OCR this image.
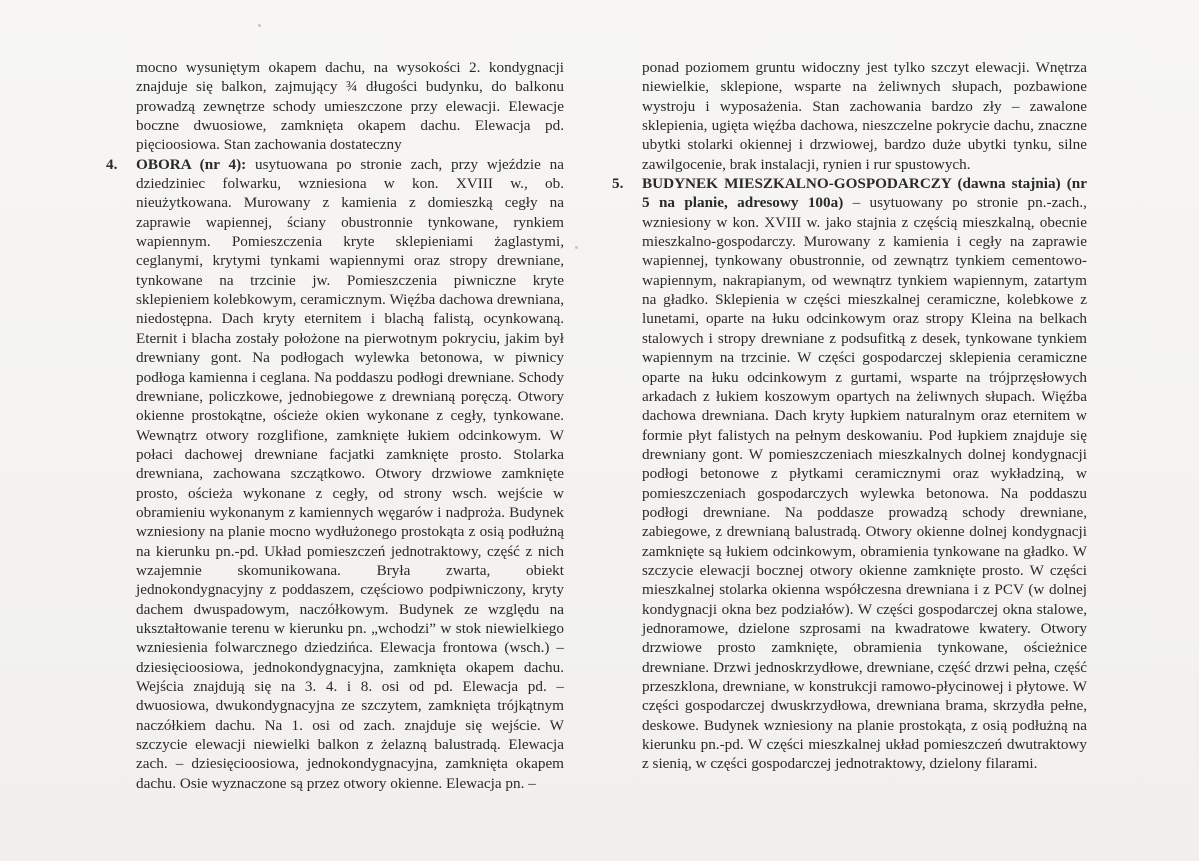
mocno wysuniętym okapem dachu, na wysokości 2. kondygnacji znajduje się balkon, zajmujący ¾ długości budynku, do balkonu prowadzą zewnętrze schody umieszczone przy elewacji. Elewacje boczne dwuosiowe, zamknięta okapem dachu. Elewacja pd. pięcioosiowa. Stan zachowania dostateczny

4. OBORA (nr 4): usytuowana po stronie zach, przy wjeździe na dziedziniec folwarku, wzniesiona w kon. XVIII w., ob. nieużytkowana. Murowany z kamienia z domieszką cegły na zaprawie wapiennej, ściany obustronnie tynkowane, rynkiem wapiennym. Pomieszczenia kryte sklepieniami żaglastymi, ceglanymi, krytymi tynkami wapiennymi oraz stropy drewniane, tynkowane na trzcinie jw. Pomieszczenia piwniczne kryte sklepieniem kolebkowym, ceramicznym. Więźba dachowa drewniana, niedostępna. Dach kryty eternitem i blachą falistą, ocynkowaną. Eternit i blacha zostały położone na pierwotnym pokryciu, jakim był drewniany gont. Na podłogach wylewka betonowa, w piwnicy podłoga kamienna i ceglana. Na poddaszu podłogi drewniane. Schody drewniane, policzkowe, jednobiegowe z drewnianą poręczą. Otwory okienne prostokątne, ościeże okien wykonane z cegły, tynkowane. Wewnątrz otwory rozglifione, zamknięte łukiem odcinkowym. W połaci dachowej drewniane facjatki zamknięte prosto. Stolarka drewniana, zachowana szczątkowo. Otwory drzwiowe zamknięte prosto, ościeża wykonane z cegły, od strony wsch. wejście w obramieniu wykonanym z kamiennych węgarów i nadproża. Budynek wzniesiony na planie mocno wydłużonego prostokąta z osią podłużną na kierunku pn.-pd. Układ pomieszczeń jednotraktowy, część z nich wzajemnie skomunikowana. Bryła zwarta, obiekt jednokondygnacyjny z poddaszem, częściowo podpiwniczony, kryty dachem dwuspadowym, naczółkowym. Budynek ze względu na ukształtowanie terenu w kierunku pn. „wchodzi” w stok niewielkiego wzniesienia folwarcznego dziedzińca. Elewacja frontowa (wsch.) – dziesięcioosiowa, jednokondygnacyjna, zamknięta okapem dachu. Wejścia znajdują się na 3. 4. i 8. osi od pd. Elewacja pd. – dwuosiowa, dwukondygnacyjna ze szczytem, zamknięta trójkątnym naczółkiem dachu. Na 1. osi od zach. znajduje się wejście. W szczycie elewacji niewielki balkon z żelazną balustradą. Elewacja zach. – dziesięcioosiowa, jednokondygnacyjna, zamknięta okapem dachu. Osie wyznaczone są przez otwory okienne. Elewacja pn. –

ponad poziomem gruntu widoczny jest tylko szczyt elewacji. Wnętrza niewielkie, sklepione, wsparte na żeliwnych słupach, pozbawione wystroju i wyposażenia. Stan zachowania bardzo zły – zawalone sklepienia, ugięta więźba dachowa, nieszczelne pokrycie dachu, znaczne ubytki stolarki okiennej i drzwiowej, bardzo duże ubytki tynku, silne zawilgocenie, brak instalacji, rynien i rur spustowych.

5. BUDYNEK MIESZKALNO-GOSPODARCZY (dawna stajnia) (nr 5 na planie, adresowy 100a) – usytuowany po stronie pn.-zach., wzniesiony w kon. XVIII w. jako stajnia z częścią mieszkalną, obecnie mieszkalno-gospodarczy. Murowany z kamienia i cegły na zaprawie wapiennej, tynkowany obustronnie, od zewnątrz tynkiem cementowo-wapiennym, nakrapianym, od wewnątrz tynkiem wapiennym, zatartym na gładko. Sklepienia w części mieszkalnej ceramiczne, kolebkowe z lunetami, oparte na łuku odcinkowym oraz stropy Kleina na belkach stalowych i stropy drewniane z podsufitką z desek, tynkowane tynkiem wapiennym na trzcinie. W części gospodarczej sklepienia ceramiczne oparte na łuku odcinkowym z gurtami, wsparte na trójprzęsłowych arkadach z łukiem koszowym opartych na żeliwnych słupach. Więźba dachowa drewniana. Dach kryty łupkiem naturalnym oraz eternitem w formie płyt falistych na pełnym deskowaniu. Pod łupkiem znajduje się drewniany gont. W pomieszczeniach mieszkalnych dolnej kondygnacji podłogi betonowe z płytkami ceramicznymi oraz wykładziną, w pomieszczeniach gospodarczych wylewka betonowa. Na poddaszu podłogi drewniane. Na poddasze prowadzą schody drewniane, zabiegowe, z drewnianą balustradą. Otwory okienne dolnej kondygnacji zamknięte są łukiem odcinkowym, obramienia tynkowane na gładko. W szczycie elewacji bocznej otwory okienne zamknięte prosto. W części mieszkalnej stolarka okienna współczesna drewniana i z PCV (w dolnej kondygnacji okna bez podziałów). W części gospodarczej okna stalowe, jednoramowe, dzielone szprosami na kwadratowe kwatery. Otwory drzwiowe prosto zamknięte, obramienia tynkowane, ościeżnice drewniane. Drzwi jednoskrzydłowe, drewniane, część drzwi pełna, część przeszklona, drewniane, w konstrukcji ramowo-płycinowej i płytowe. W części gospodarczej dwuskrzydłowa, drewniana brama, skrzydła pełne, deskowe. Budynek wzniesiony na planie prostokąta, z osią podłużną na kierunku pn.-pd. W części mieszkalnej układ pomieszczeń dwutraktowy z sienią, w części gospodarczej jednotraktowy, dzielony filarami.
